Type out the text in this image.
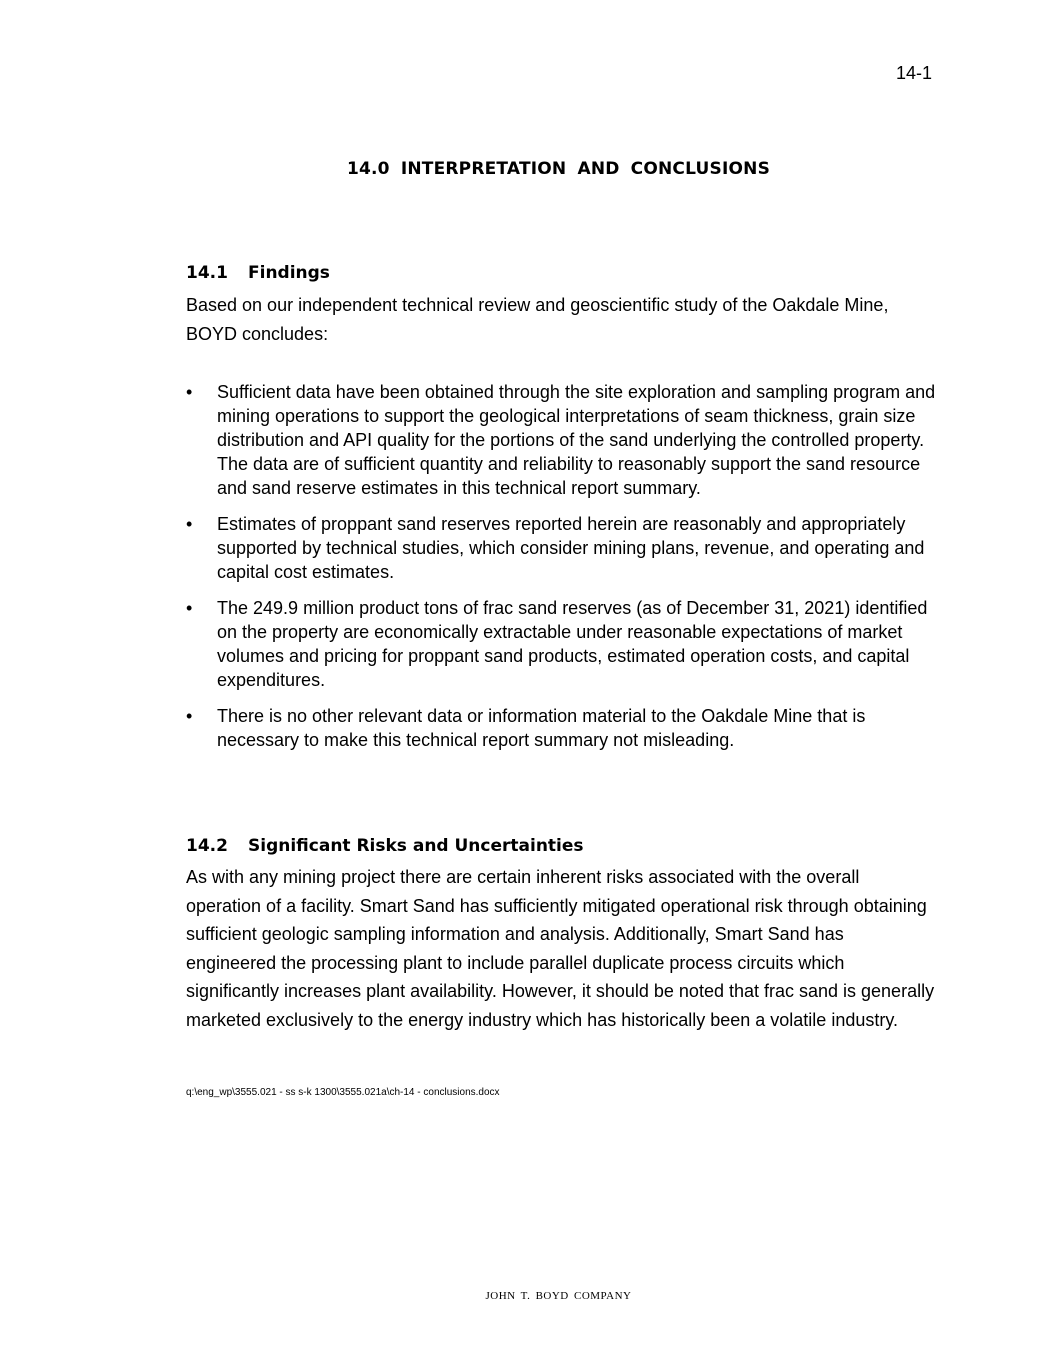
14-1
14.0 INTERPRETATION AND CONCLUSIONS
14.1 Findings
Based on our independent technical review and geoscientific study of the Oakdale Mine, BOYD concludes:
•	Sufficient data have been obtained through the site exploration and sampling program and mining operations to support the geological interpretations of seam thickness, grain size distribution and API quality for the portions of the sand underlying the controlled property. The data are of sufficient quantity and reliability to reasonably support the sand resource and sand reserve estimates in this technical report summary.
•	Estimates of proppant sand reserves reported herein are reasonably and appropriately supported by technical studies, which consider mining plans, revenue, and operating and capital cost estimates.
•	The 249.9 million product tons of frac sand reserves (as of December 31, 2021) identified on the property are economically extractable under reasonable expectations of market volumes and pricing for proppant sand products, estimated operation costs, and capital expenditures.
•	There is no other relevant data or information material to the Oakdale Mine that is necessary to make this technical report summary not misleading.
14.2 Significant Risks and Uncertainties
As with any mining project there are certain inherent risks associated with the overall operation of a facility. Smart Sand has sufficiently mitigated operational risk through obtaining sufficient geologic sampling information and analysis. Additionally, Smart Sand has engineered the processing plant to include parallel duplicate process circuits which significantly increases plant availability. However, it should be noted that frac sand is generally marketed exclusively to the energy industry which has historically been a volatile industry.
q:\eng_wp\3555.021 - ss s-k 1300\3555.021a\ch-14 - conclusions.docx
JOHN T. BOYD COMPANY
